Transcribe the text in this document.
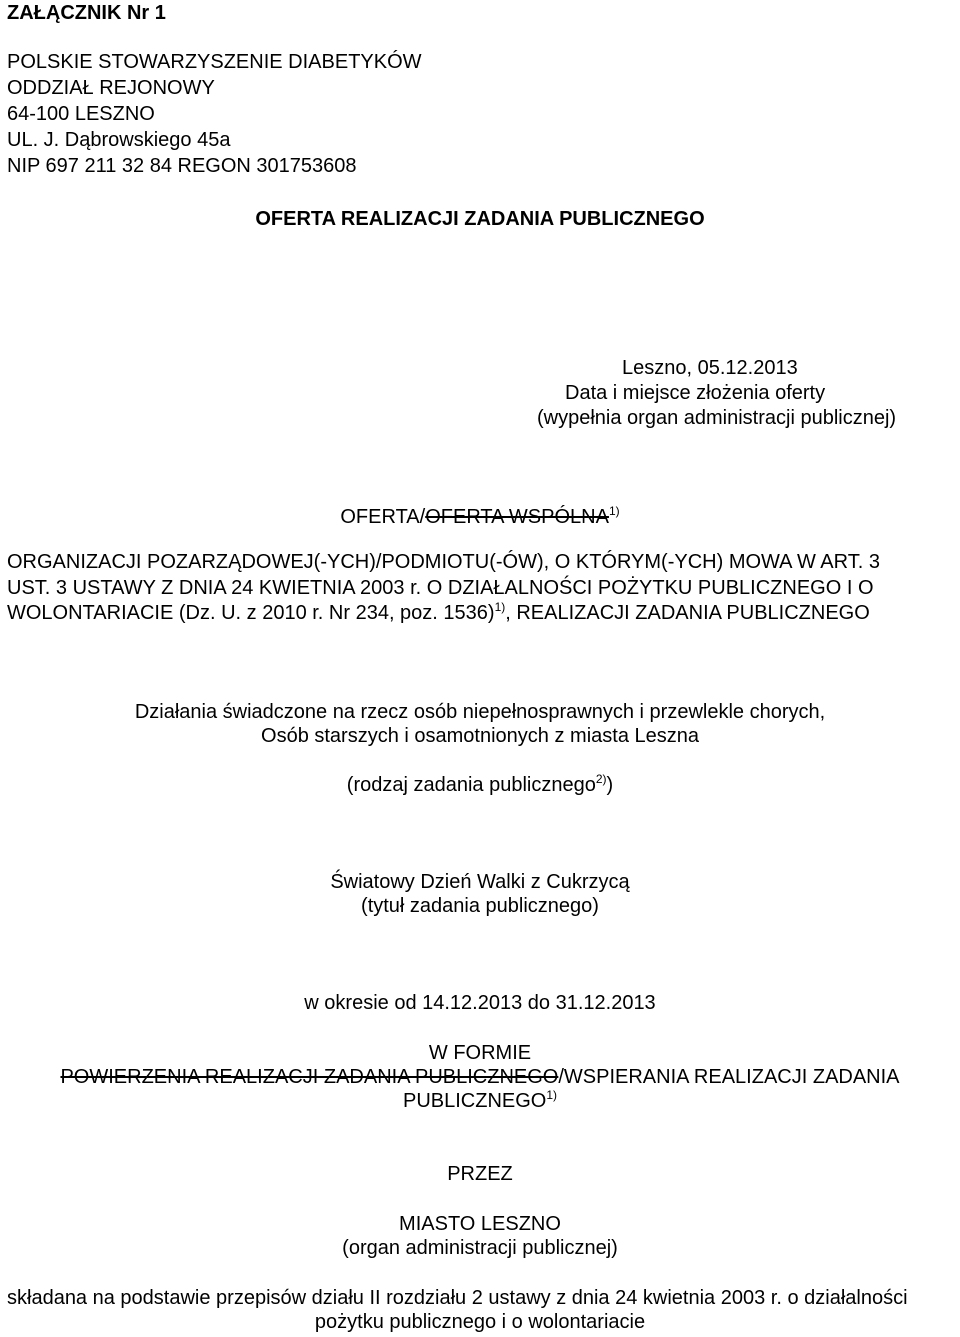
ZAŁĄCZNIK Nr 1
POLSKIE STOWARZYSZENIE DIABETYKÓW
ODDZIAŁ REJONOWY
64-100 LESZNO
UL. J. Dąbrowskiego 45a
NIP 697 211 32 84 REGON 301753608
OFERTA REALIZACJI ZADANIA PUBLICZNEGO
Leszno, 05.12.2013
Data i miejsce złożenia oferty
(wypełnia organ administracji publicznej)
OFERTA/OFERTA WSPÓLNA$^{1)}$
ORGANIZACJI POZARZĄDOWEJ(-YCH)/PODMIOTU(-ÓW), O KTÓRYM(-YCH) MOWA W ART. 3
UST. 3 USTAWY Z DNIA 24 KWIETNIA 2003 r. O DZIAŁALNOŚCI POŻYTKU PUBLICZNEGO I O
WOLONTARIACIE (Dz. U. z 2010 r. Nr 234, poz. 1536)$^{1)}$, REALIZACJI ZADANIA PUBLICZNEGO
Działania świadczone na rzecz osób niepełnosprawnych i przewlekle chorych,
Osób starszych i osamotnionych z miasta Leszna
(rodzaj zadania publicznego$^{2)}$)
Światowy Dzień Walki z Cukrzycą
(tytuł zadania publicznego)
w okresie od 14.12.2013 do 31.12.2013
W FORMIE
POWIERZENIA REALIZACJI ZADANIA PUBLICZNEGO/WSPIERANIA REALIZACJI ZADANIA
PUBLICZNEGO$^{1)}$
PRZEZ
MIASTO LESZNO
(organ administracji publicznej)
składana na podstawie przepisów działu II rozdziału 2 ustawy z dnia 24 kwietnia 2003 r. o działalności
pożytku publicznego i o wolontariacie
